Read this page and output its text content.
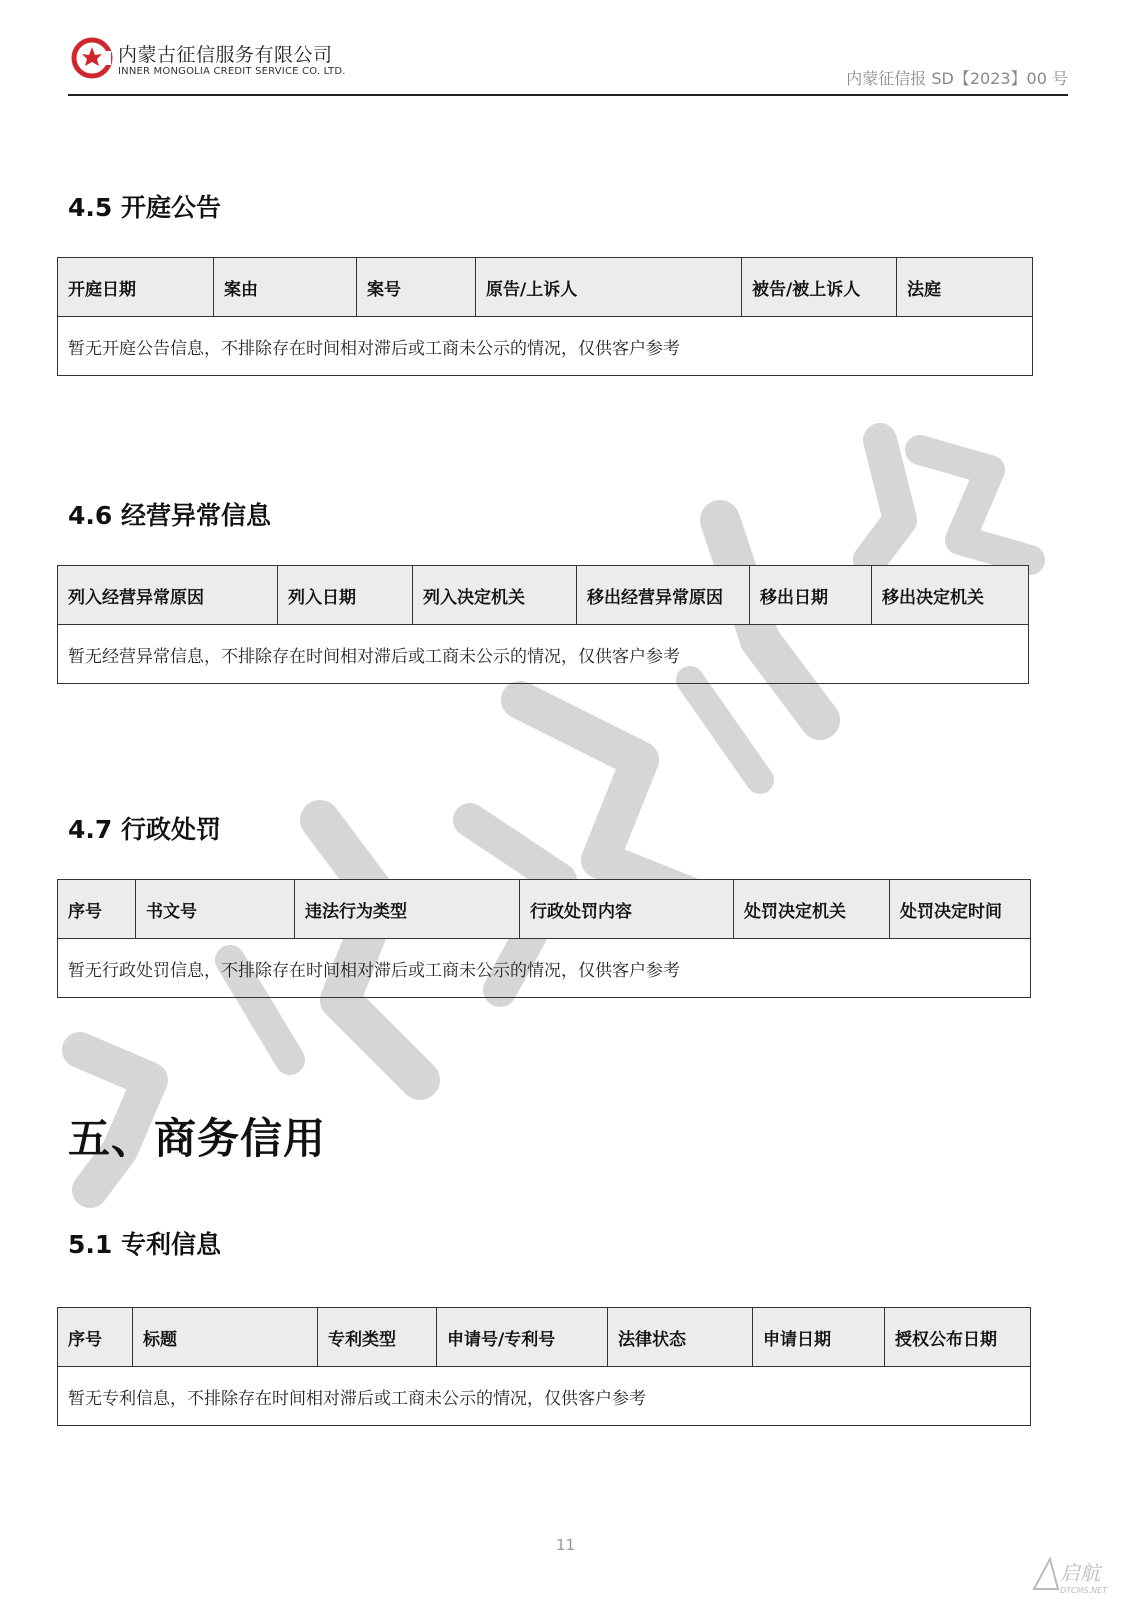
内蒙古征信服务有限公司
INNER MONGOLIA CREDIT SERVICE CO. LTD.	内蒙征信报 SD【2023】00 号
4.5 开庭公告
开庭日期	案由	案号	原告/上诉人	被告/被上诉人	法庭
暂无开庭公告信息，不排除存在时间相对滞后或工商未公示的情况，仅供客户参考
4.6 经营异常信息
列入经营异常原因	列入日期	列入决定机关	移出经营异常原因	移出日期	移出决定机关
暂无经营异常信息，不排除存在时间相对滞后或工商未公示的情况，仅供客户参考
4.7 行政处罚
序号	书文号	违法行为类型	行政处罚内容	处罚决定机关	处罚决定时间
暂无行政处罚信息，不排除存在时间相对滞后或工商未公示的情况，仅供客户参考
五、商务信用
5.1 专利信息
序号	标题	专利类型	申请号/专利号	法律状态	申请日期	授权公布日期
暂无专利信息，不排除存在时间相对滞后或工商未公示的情况，仅供客户参考
11
启航
DTCMS.NET
